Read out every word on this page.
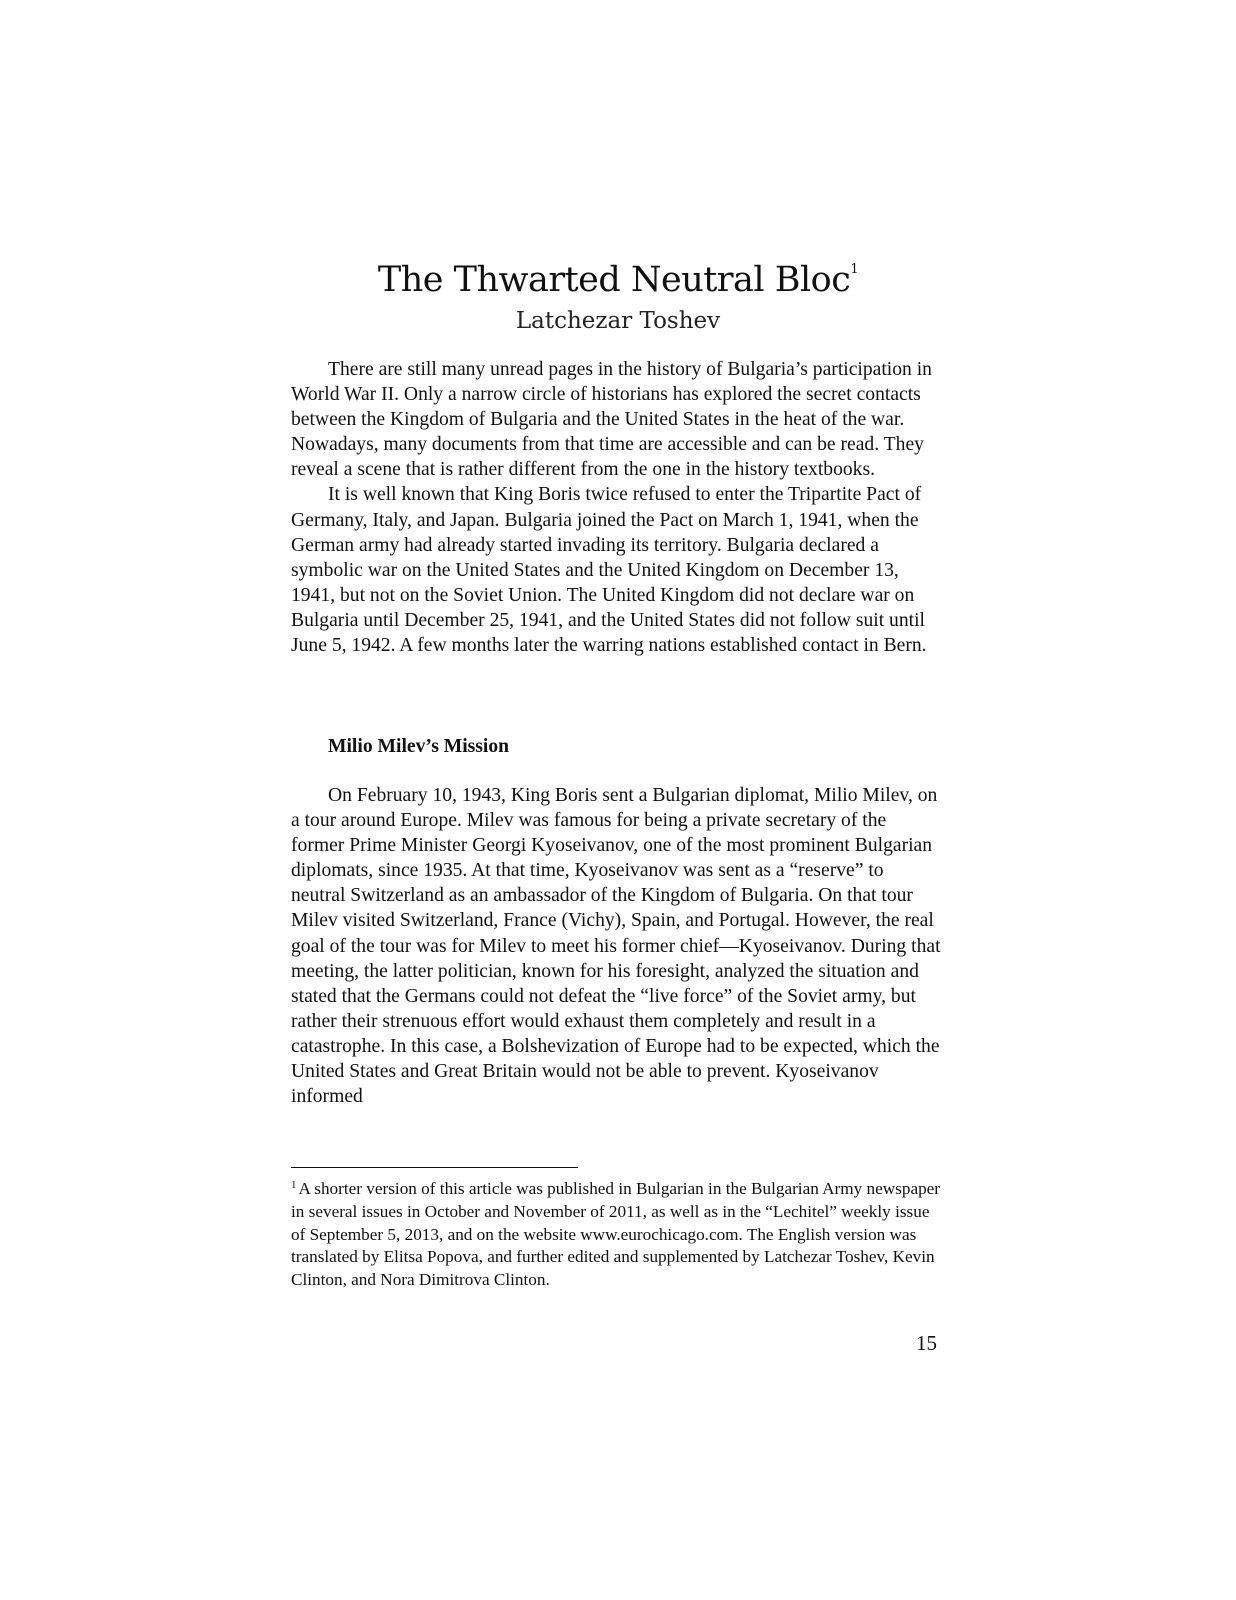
The Thwarted Neutral Bloc$^1$
Latchezar Toshev

There are still many unread pages in the history of Bulgaria’s participation in World War II. Only a narrow circle of historians has explored the secret contacts between the Kingdom of Bulgaria and the United States in the heat of the war. Nowadays, many documents from that time are accessible and can be read. They reveal a scene that is rather different from the one in the history textbooks.

It is well known that King Boris twice refused to enter the Tripartite Pact of Germany, Italy, and Japan. Bulgaria joined the Pact on March 1, 1941, when the German army had already started invading its territory. Bulgaria declared a symbolic war on the United States and the United Kingdom on December 13, 1941, but not on the Soviet Union. The United Kingdom did not declare war on Bulgaria until December 25, 1941, and the United States did not follow suit until June 5, 1942. A few months later the warring nations established contact in Bern.

Milio Milev’s Mission

On February 10, 1943, King Boris sent a Bulgarian diplomat, Milio Milev, on a tour around Europe. Milev was famous for being a private secretary of the former Prime Minister Georgi Kyoseivanov, one of the most prominent Bulgarian diplomats, since 1935. At that time, Kyoseivanov was sent as a “reserve” to neutral Switzerland as an ambassador of the Kingdom of Bulgaria. On that tour Milev visited Switzerland, France (Vichy), Spain, and Portugal. However, the real goal of the tour was for Milev to meet his former chief—Kyoseivanov. During that meeting, the latter politician, known for his foresight, analyzed the situation and stated that the Germans could not defeat the “live force” of the Soviet army, but rather their strenuous effort would exhaust them completely and result in a catastrophe. In this case, a Bolshevization of Europe had to be expected, which the United States and Great Britain would not be able to prevent. Kyoseivanov informed

$^1$ A shorter version of this article was published in Bulgarian in the Bulgarian Army newspaper in several issues in October and November of 2011, as well as in the “Lechitel” weekly issue of September 5, 2013, and on the website www.eurochicago.com. The English version was translated by Elitsa Popova, and further edited and supplemented by Latchezar Toshev, Kevin Clinton, and Nora Dimitrova Clinton.

15
